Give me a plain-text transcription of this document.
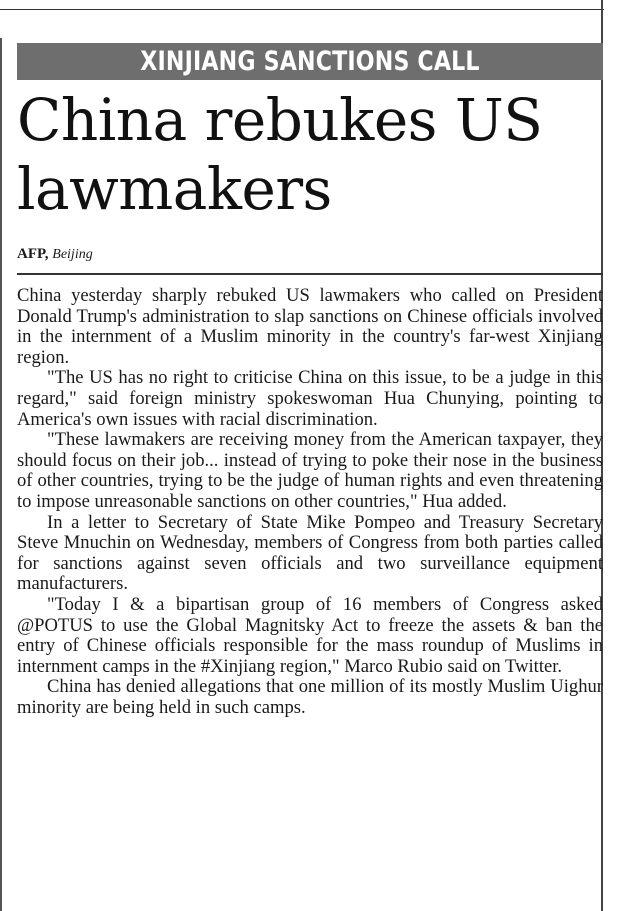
XINJIANG SANCTIONS CALL
China rebukes US lawmakers
AFP, Beijing

China yesterday sharply rebuked US lawmakers who called on President Donald Trump's administration to slap sanctions on Chinese officials involved in the internment of a Muslim minority in the country's far-west Xinjiang region.

"The US has no right to criticise China on this issue, to be a judge in this regard," said foreign ministry spokeswoman Hua Chunying, pointing to America's own issues with racial discrimination.

"These lawmakers are receiving money from the American taxpayer, they should focus on their job... instead of trying to poke their nose in the business of other countries, trying to be the judge of human rights and even threatening to impose unreasonable sanctions on other countries," Hua added.

In a letter to Secretary of State Mike Pompeo and Treasury Secretary Steve Mnuchin on Wednesday, members of Congress from both parties called for sanctions against seven officials and two surveillance equipment manufacturers.

"Today I & a bipartisan group of 16 members of Congress asked @POTUS to use the Global Magnitsky Act to freeze the assets & ban the entry of Chinese officials responsible for the mass roundup of Muslims in internment camps in the #Xinjiang region," Marco Rubio said on Twitter.

China has denied allegations that one million of its mostly Muslim Uighur minority are being held in such camps.
